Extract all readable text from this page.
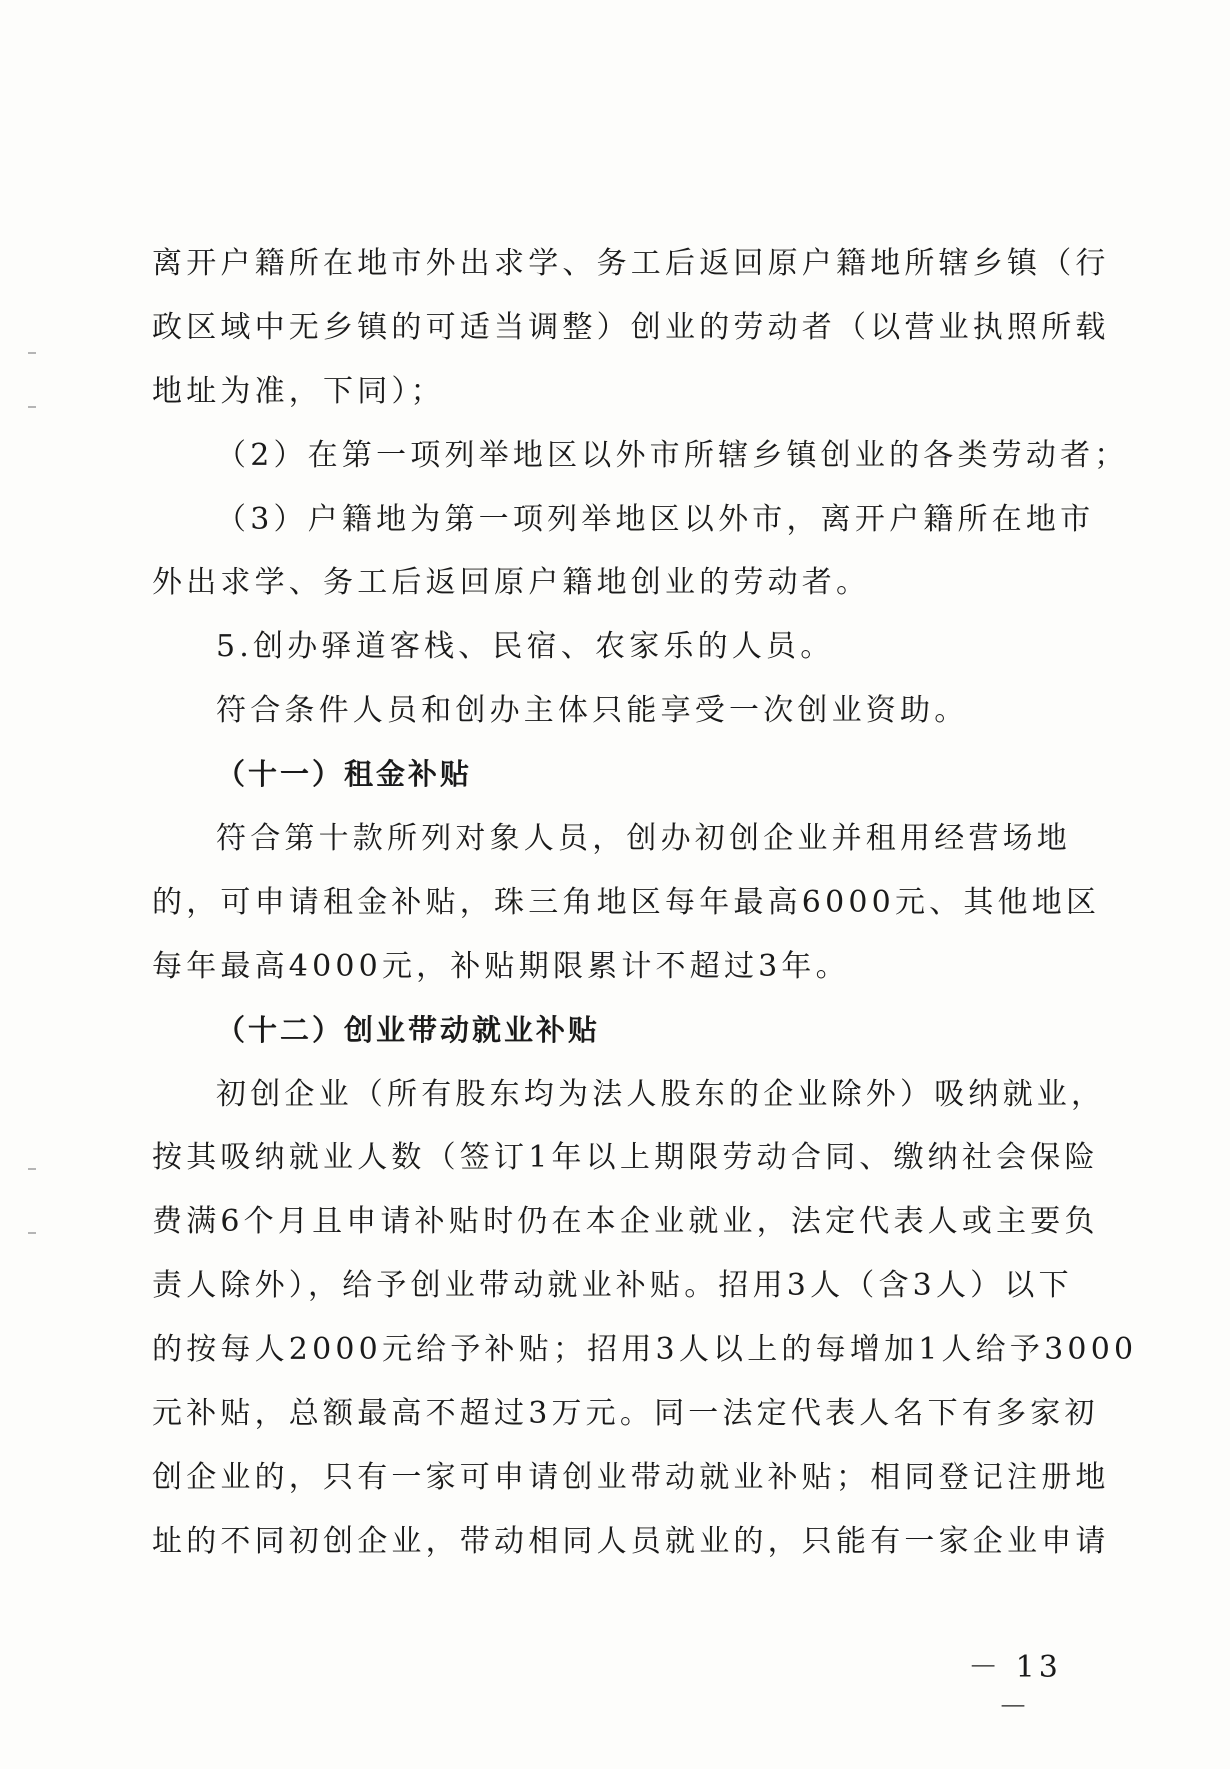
离开户籍所在地市外出求学、务工后返回原户籍地所辖乡镇（行
政区域中无乡镇的可适当调整）创业的劳动者（以营业执照所载
地址为准，下同）；
（2）在第一项列举地区以外市所辖乡镇创业的各类劳动者；
（3）户籍地为第一项列举地区以外市，离开户籍所在地市
外出求学、务工后返回原户籍地创业的劳动者。
5.创办驿道客栈、民宿、农家乐的人员。
符合条件人员和创办主体只能享受一次创业资助。
（十一）租金补贴
符合第十款所列对象人员，创办初创企业并租用经营场地
的，可申请租金补贴，珠三角地区每年最高6000元、其他地区
每年最高4000元，补贴期限累计不超过3年。
（十二）创业带动就业补贴
初创企业（所有股东均为法人股东的企业除外）吸纳就业，
按其吸纳就业人数（签订1年以上期限劳动合同、缴纳社会保险
费满6个月且申请补贴时仍在本企业就业，法定代表人或主要负
责人除外），给予创业带动就业补贴。招用3人（含3人）以下
的按每人2000元给予补贴；招用3人以上的每增加1人给予3000
元补贴，总额最高不超过3万元。同一法定代表人名下有多家初
创企业的，只有一家可申请创业带动就业补贴；相同登记注册地
址的不同初创企业，带动相同人员就业的，只能有一家企业申请
－ 13 －
